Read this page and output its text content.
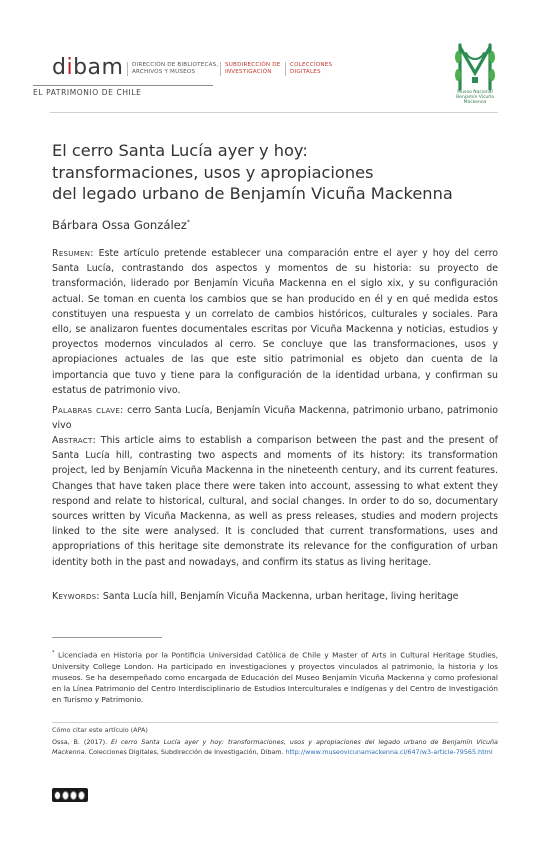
dibam	DIRECCIÓN DE BIBLIOTECAS, ARCHIVOS Y MUSEOS
SUBDIRECCIÓN DE INVESTIGACIÓN
COLECCIONES DIGITALES
EL PATRIMONIO DE CHILE	Museo Nacional Benjamín Vicuña Mackenna
El cerro Santa Lucía ayer y hoy:
transformaciones, usos y apropiaciones
del legado urbano de Benjamín Vicuña Mackenna
Bárbara Ossa González*
Resumen: Este artículo pretende establecer una comparación entre el ayer y hoy del cerro Santa Lucía, contrastando dos aspectos y momentos de su historia: su proyecto de transformación, liderado por Benjamín Vicuña Mackenna en el siglo xix, y su configuración actual. Se toman en cuenta los cambios que se han producido en él y en qué medida estos constituyen una respuesta y un correlato de cambios históricos, culturales y sociales. Para ello, se analizaron fuentes documentales escritas por Vicuña Mackenna y noticias, estudios y proyectos modernos vinculados al cerro. Se concluye que las transformaciones, usos y apropiaciones actuales de las que este sitio patrimonial es objeto dan cuenta de la importancia que tuvo y tiene para la configuración de la identidad urbana, y confirman su estatus de patrimonio vivo.
Palabras clave: cerro Santa Lucía, Benjamín Vicuña Mackenna, patrimonio urbano, patrimonio vivo
Abstract: This article aims to establish a comparison between the past and the present of Santa Lucía hill, contrasting two aspects and moments of its history: its transformation project, led by Benjamín Vicuña Mackenna in the nineteenth century, and its current features. Changes that have taken place there were taken into account, assessing to what extent they respond and relate to historical, cultural, and social changes. In order to do so, documentary sources written by Vicuña Mackenna, as well as press releases, studies and modern projects linked to the site were analysed. It is concluded that current transformations, uses and appropriations of this heritage site demonstrate its relevance for the configuration of urban identity both in the past and nowadays, and confirm its status as living heritage.
Keywords: Santa Lucía hill, Benjamín Vicuña Mackenna, urban heritage, living heritage
* Licenciada en Historia por la Pontificia Universidad Católica de Chile y Master of Arts in Cultural Heritage Studies, University College London. Ha participado en investigaciones y proyectos vinculados al patrimonio, la historia y los museos. Se ha desempeñado como encargada de Educación del Museo Benjamín Vicuña Mackenna y como profesional en la Línea Patrimonio del Centro Interdisciplinario de Estudios Interculturales e Indígenas y del Centro de Investigación en Turismo y Patrimonio.
Cómo citar este artículo (APA)
Ossa, B. (2017). El cerro Santa Lucía ayer y hoy: transformaciones, usos y apropiaciones del legado urbano de Benjamín Vicuña Mackenna. Colecciones Digitales, Subdirección de Investigación, Dibam. http://www.museovicunamackenna.cl/647/w3-article-79565.html
